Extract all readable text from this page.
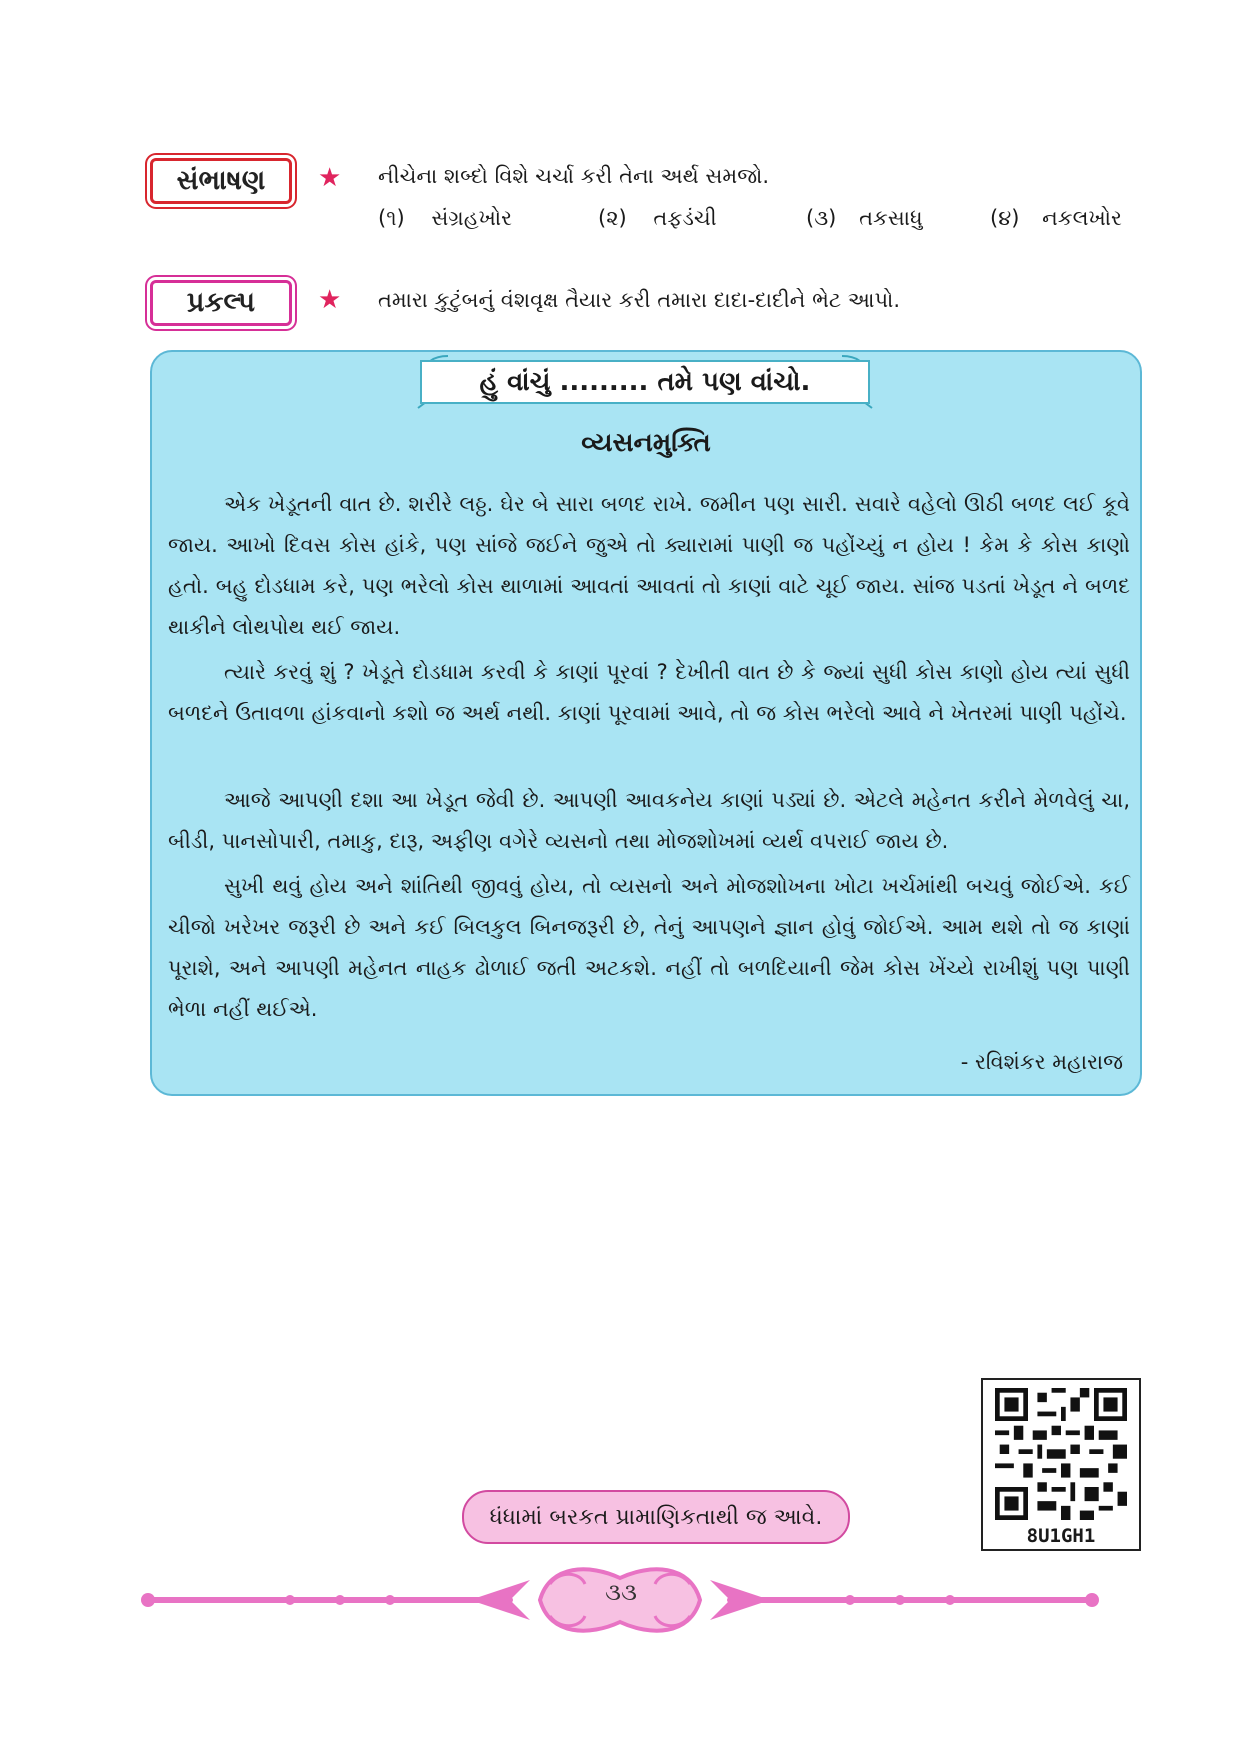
સંભાષણ ★ નીચેના શબ્દો વિશે ચર્ચા કરી તેના અર્થ સમજો.
(૧) સંગ્રહખોર	(૨) તફડંચી	(૩) તકસાધુ	(૪) નકલખોર
પ્રકલ્પ ★ તમારા કુટુંબનું વંશવૃક્ષ તૈયાર કરી તમારા દાદા-દાદીને ભેટ આપો.
હું વાંચું ......... તમે પણ વાંચો.
વ્યસનમુક્તિ
એક ખેડૂતની વાત છે. શરીરે લઠ્ઠ. ઘેર બે સારા બળદ રાખે. જમીન પણ સારી. સવારે વહેલો ઊઠી બળદ લઈ કૂવે જાય. આખો દિવસ કોસ હાંકે, પણ સાંજે જઈને જુએ તો ક્યારામાં પાણી જ પહોંચ્યું ન હોય ! કેમ કે કોસ કાણો હતો. બહુ દોડધામ કરે, પણ ભરેલો કોસ થાળામાં આવતાં આવતાં તો કાણાં વાટે ચૂઈ જાય. સાંજ પડતાં ખેડૂત ને બળદ થાકીને લોથપોથ થઈ જાય.
ત્યારે કરવું શું ? ખેડૂતે દોડધામ કરવી કે કાણાં પૂરવાં ? દેખીતી વાત છે કે જ્યાં સુધી કોસ કાણો હોય ત્યાં સુધી બળદને ઉતાવળા હાંકવાનો કશો જ અર્થ નથી. કાણાં પૂરવામાં આવે, તો જ કોસ ભરેલો આવે ને ખેતરમાં પાણી પહોંચે.
આજે આપણી દશા આ ખેડૂત જેવી છે. આપણી આવકનેય કાણાં પડ્યાં છે. એટલે મહેનત કરીને મેળવેલું ચા, બીડી, પાનસોપારી, તમાકુ, દારૂ, અફીણ વગેરે વ્યસનો તથા મોજશોખમાં વ્યર્થ વપરાઈ જાય છે.
સુખી થવું હોય અને શાંતિથી જીવવું હોય, તો વ્યસનો અને મોજશોખના ખોટા ખર્ચમાંથી બચવું જોઈએ. કઈ ચીજો ખરેખર જરૂરી છે અને કઈ બિલકુલ બિનજરૂરી છે, તેનું આપણને જ્ઞાન હોવું જોઈએ. આમ થશે તો જ કાણાં પૂરાશે, અને આપણી મહેનત નાહક ઢોળાઈ જતી અટકશે. નહીં તો બળદિયાની જેમ કોસ ખેંચ્યે રાખીશું પણ પાણી ભેળા નહીં થઈએ.
- રવિશંકર મહારાજ
8U1GH1
ધંધામાં બરકત પ્રામાણિકતાથી જ આવે.
૩૩
